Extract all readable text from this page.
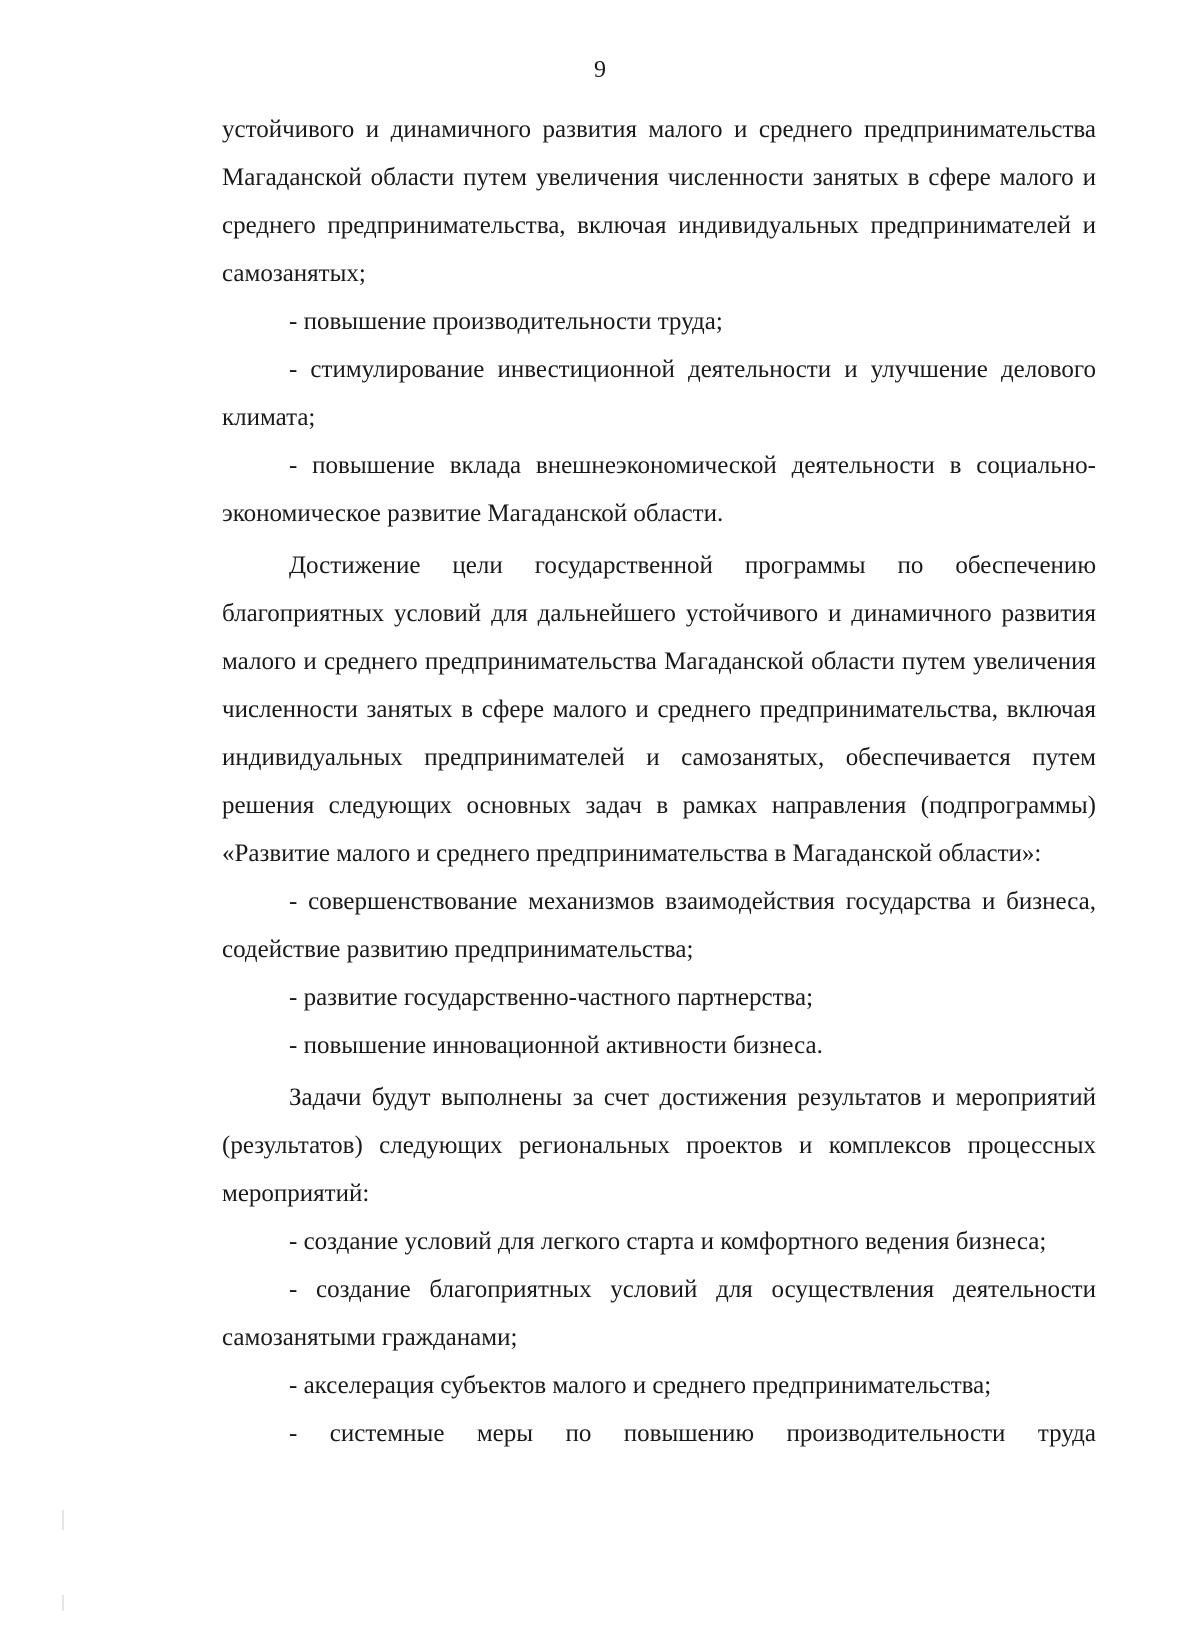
9

устойчивого и динамичного развития малого и среднего предпринимательства Магаданской области путем увеличения численности занятых в сфере малого и среднего предпринимательства, включая индивидуальных предпринимателей и самозанятых;

- повышение производительности труда;

- стимулирование инвестиционной деятельности и улучшение делового климата;

- повышение вклада внешнеэкономической деятельности в социально-экономическое развитие Магаданской области.

Достижение цели государственной программы по обеспечению благоприятных условий для дальнейшего устойчивого и динамичного развития малого и среднего предпринимательства Магаданской области путем увеличения численности занятых в сфере малого и среднего предпринимательства, включая индивидуальных предпринимателей и самозанятых, обеспечивается путем решения следующих основных задач в рамках направления (подпрограммы) «Развитие малого и среднего предпринимательства в Магаданской области»:

- совершенствование механизмов взаимодействия государства и бизнеса, содействие развитию предпринимательства;

- развитие государственно-частного партнерства;

- повышение инновационной активности бизнеса.

Задачи будут выполнены за счет достижения результатов и мероприятий (результатов) следующих региональных проектов и комплексов процессных мероприятий:

- создание условий для легкого старта и комфортного ведения бизнеса;

- создание благоприятных условий для осуществления деятельности самозанятыми гражданами;

- акселерация субъектов малого и среднего предпринимательства;

- системные меры по повышению производительности труда
